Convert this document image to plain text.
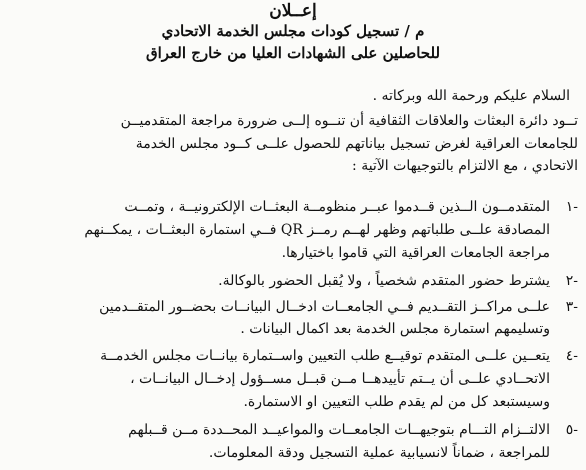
إعــلان
م / تسجيل كودات مجلس الخدمة الاتحادي
للحاصلين على الشهادات العليا من خارج العراق
السلام عليكم ورحمة الله وبركاته .
تــود دائرة البعثات والعلاقات الثقافية أن تنــوه إلــى ضرورة مراجعة المتقدميــن
للجامعات العراقية لغرض تسجيل بياناتهم للحصول علــى كــود مجلس الخدمة
الاتحادي ، مع الالتزام بالتوجيهات الآتية :
١-
المتقدمــون الــذين قــدموا عبــر منظومــة البعثــات الإلكترونيــة ، وتمــت
المصادقة علــى طلباتهم وظهر لهــم رمــز QR فــي استمارة البعثــات ، يمكــنهم
مراجعة الجامعات العراقية التي قاموا باختيارها.
٢-
يشترط حضور المتقدم شخصياً ، ولا يُقبل الحضور بالوكالة.
٣-
علــى مراكــز التقــديم فــي الجامعــات ادخــال البيانــات بحضــور المتقــدمين
وتسليمهم استمارة مجلس الخدمة بعد اكمال البيانات .
٤-
يتعــين علــى المتقدم توقيــع طلب التعيين واســتمارة بيانــات مجلس الخدمــة
الاتحــادي علــى أن يــتم تأييدهــا مــن قبــل مســؤول إدخــال البيانــات ،
وسيستبعد كل من لم يقدم طلب التعيين او الاستمارة.
٥-
الالتــزام التـــام بتوجيهــات الجامعــات والمواعيــد المحــددة مــن قــبلهم
للمراجعة ، ضماناً لانسيابية عملية التسجيل ودقة المعلومات.
